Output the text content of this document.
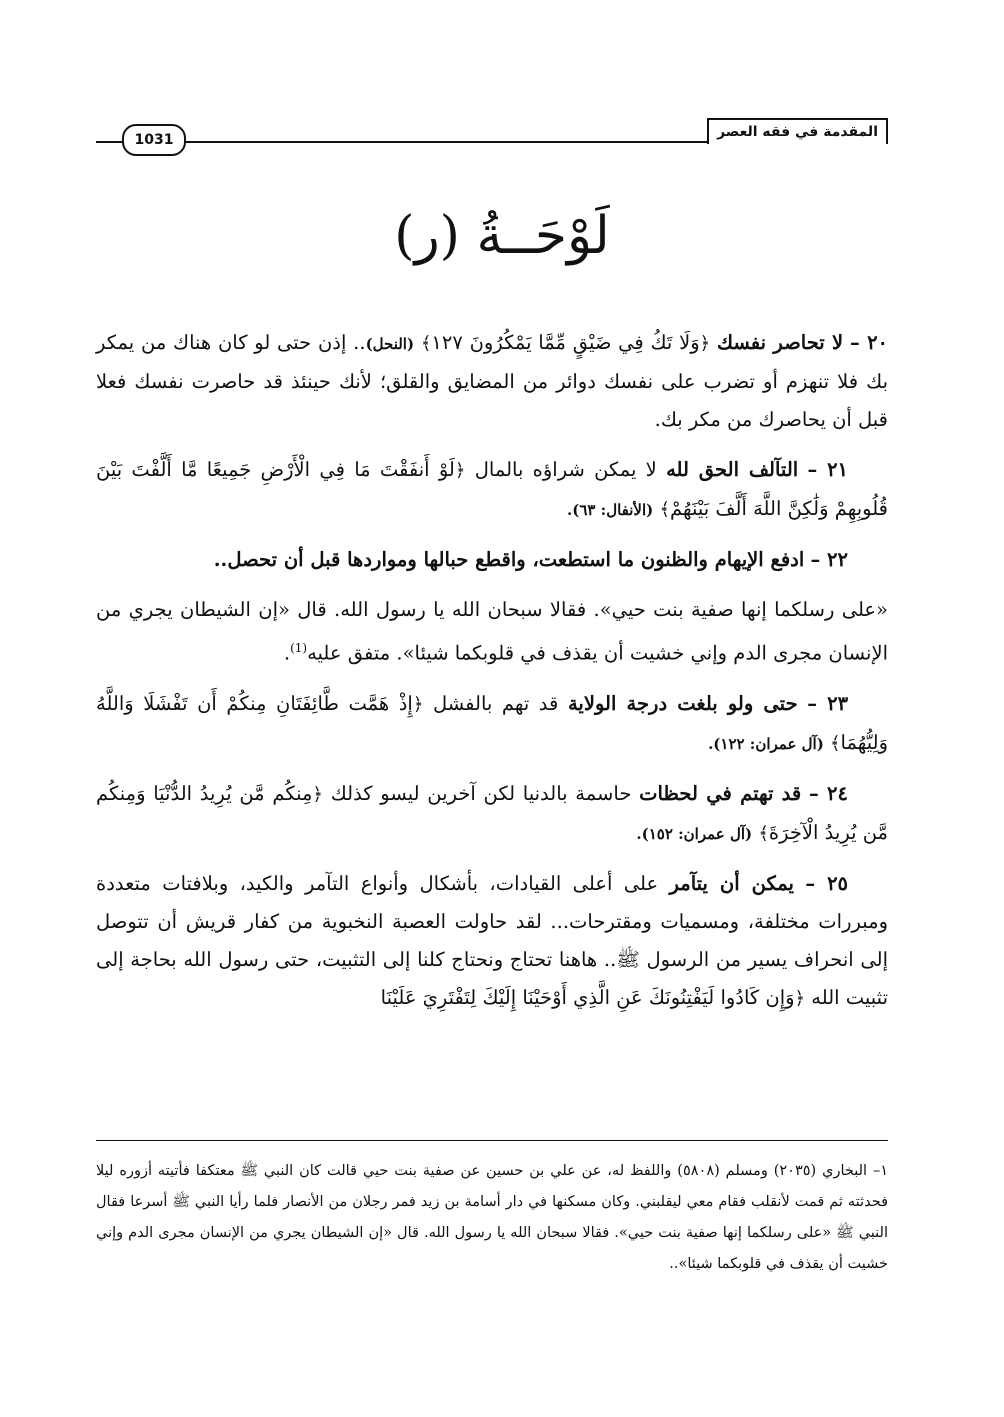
المقدمة في فقه العصر
1031
لَوْحَــةُ (ر)

٢٠ – لا تحاصر نفسك ﴿وَلَا تَكُ فِي ضَيْقٍ مِّمَّا يَمْكُرُونَ ١٢٧﴾ (النحل).. إذن حتى لو كان هناك من يمكر بك فلا تنهزم أو تضرب على نفسك دوائر من المضايق والقلق؛ لأنك حينئذ قد حاصرت نفسك فعلا قبل أن يحاصرك من مكر بك.

٢١ – التآلف الحق لله لا يمكن شراؤه بالمال ﴿لَوْ أَنفَقْتَ مَا فِي الْأَرْضِ جَمِيعًا مَّا أَلَّفْتَ بَيْنَ قُلُوبِهِمْ وَلَٰكِنَّ اللَّهَ أَلَّفَ بَيْنَهُمْ﴾ (الأنفال: ٦٣).

٢٢ – ادفع الإيهام والظنون ما استطعت، واقطع حبالها ومواردها قبل أن تحصل..

«على رسلكما إنها صفية بنت حيي». فقالا سبحان الله يا رسول الله. قال «إن الشيطان يجري من الإنسان مجرى الدم وإني خشيت أن يقذف في قلوبكما شيئا». متفق عليه$^{(1)}$.

٢٣ – حتى ولو بلغت درجة الولاية قد تهم بالفشل ﴿إِذْ هَمَّت طَّائِفَتَانِ مِنكُمْ أَن تَفْشَلَا وَاللَّهُ وَلِيُّهُمَا﴾ (آل عمران: ١٢٢).

٢٤ – قد تهتم في لحظات حاسمة بالدنيا لكن آخرين ليسو كذلك ﴿مِنكُم مَّن يُرِيدُ الدُّنْيَا وَمِنكُم مَّن يُرِيدُ الْآخِرَةَ﴾ (آل عمران: ١٥٢).

٢٥ – يمكن أن يتآمر على أعلى القيادات، بأشكال وأنواع التآمر والكيد، وبلافتات متعددة ومبررات مختلفة، ومسميات ومقترحات... لقد حاولت العصبة النخبوية من كفار قريش أن تتوصل إلى انحراف يسير من الرسول ﷺ.. هاهنا تحتاج ونحتاج كلنا إلى التثبيت، حتى رسول الله بحاجة إلى تثبيت الله ﴿وَإِن كَادُوا لَيَفْتِنُونَكَ عَنِ الَّذِي أَوْحَيْنَا إِلَيْكَ لِتَفْتَرِيَ عَلَيْنَا

١– البخاري (٢٠٣٥) ومسلم (٥٨٠٨) واللفظ له، عن علي بن حسين عن صفية بنت حيي قالت كان النبي ﷺ معتكفا فأتيته أزوره ليلا فحدثته ثم قمت لأنقلب فقام معي ليقلبني. وكان مسكنها في دار أسامة بن زيد فمر رجلان من الأنصار فلما رأيا النبي ﷺ أسرعا فقال النبي ﷺ «على رسلكما إنها صفية بنت حيي». فقالا سبحان الله يا رسول الله. قال «إن الشيطان يجري من الإنسان مجرى الدم وإني خشيت أن يقذف في قلوبكما شيئا»..
